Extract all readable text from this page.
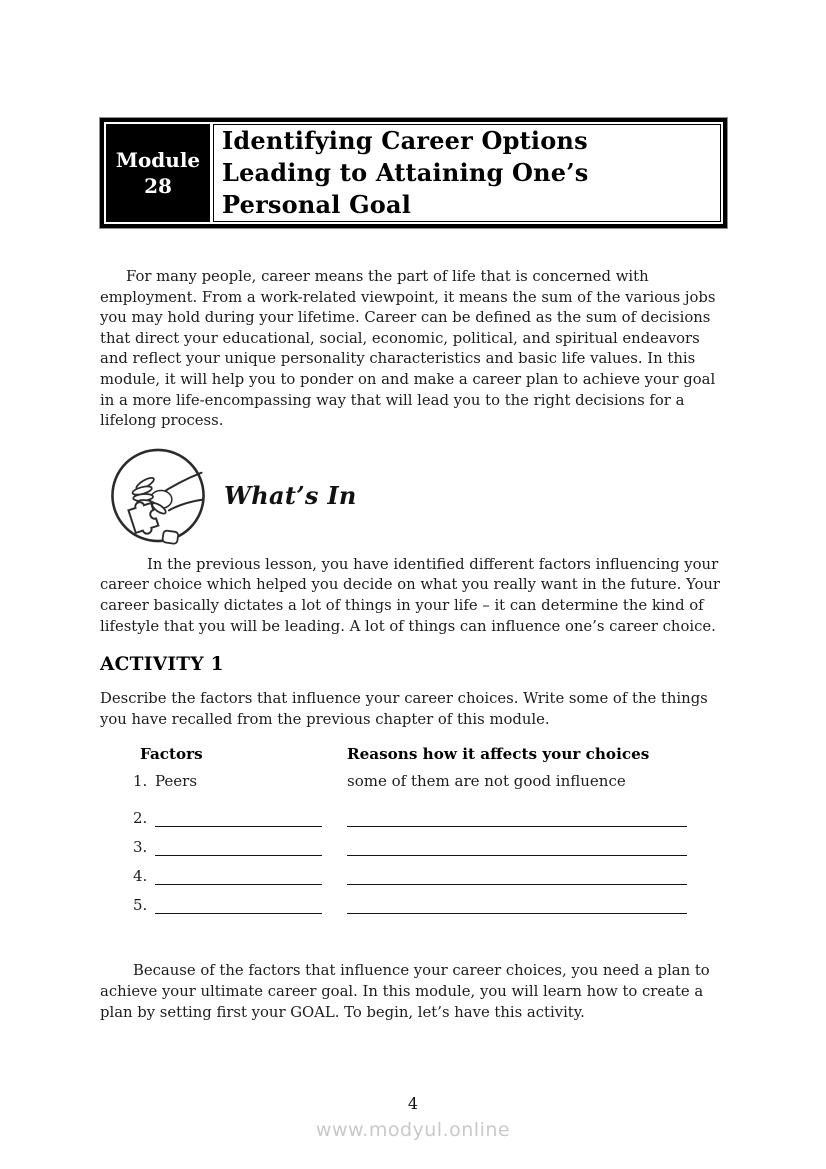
Module
28
Identifying Career Options
Leading to Attaining One’s
Personal Goal

For many people, career means the part of life that is concerned with employment. From a work-related viewpoint, it means the sum of the various jobs you may hold during your lifetime. Career can be defined as the sum of decisions that direct your educational, social, economic, political, and spiritual endeavors and reflect your unique personality characteristics and basic life values. In this module, it will help you to ponder on and make a career plan to achieve your goal in a more life-encompassing way that will lead you to the right decisions for a lifelong process.

What’s In

In the previous lesson, you have identified different factors influencing your career choice which helped you decide on what you really want in the future. Your career basically dictates a lot of things in your life – it can determine the kind of lifestyle that you will be leading. A lot of things can influence one’s career choice.

ACTIVITY 1

Describe the factors that influence your career choices. Write some of the things you have recalled from the previous chapter of this module.

Factors	Reasons how it affects your choices
1. Peers	some of them are not good influence
2.
3.
4.
5.

Because of the factors that influence your career choices, you need a plan to achieve your ultimate career goal. In this module, you will learn how to create a plan by setting first your GOAL. To begin, let’s have this activity.

4
www.modyul.online
